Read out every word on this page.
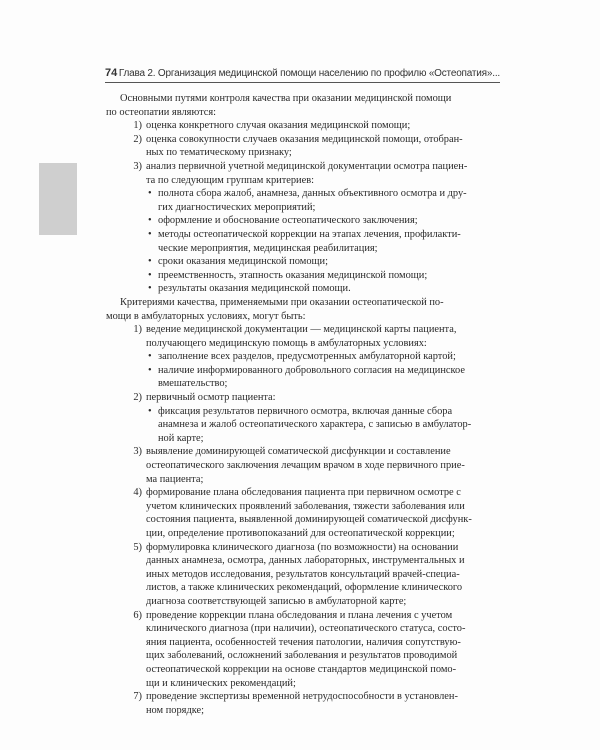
74 Глава 2. Организация медицинской помощи населению по профилю «Остеопатия»...

Основными путями контроля качества при оказании медицинской помощи
по остеопатии являются:

1) оценка конкретного случая оказания медицинской помощи;
2) оценка совокупности случаев оказания медицинской помощи, отобран-
ных по тематическому признаку;
3) анализ первичной учетной медицинской документации осмотра пациен-
та по следующим группам критериев:
• полнота сбора жалоб, анамнеза, данных объективного осмотра и дру-
гих диагностических мероприятий;
• оформление и обоснование остеопатического заключения;
• методы остеопатической коррекции на этапах лечения, профилакти-
ческие мероприятия, медицинская реабилитация;
• сроки оказания медицинской помощи;
• преемственность, этапность оказания медицинской помощи;
• результаты оказания медицинской помощи.

Критериями качества, применяемыми при оказании остеопатической по-
мощи в амбулаторных условиях, могут быть:

1) ведение медицинской документации — медицинской карты пациента,
получающего медицинскую помощь в амбулаторных условиях:
• заполнение всех разделов, предусмотренных амбулаторной картой;
• наличие информированного добровольного согласия на медицинское
вмешательство;
2) первичный осмотр пациента:
• фиксация результатов первичного осмотра, включая данные сбора
анамнеза и жалоб остеопатического характера, с записью в амбулатор-
ной карте;
3) выявление доминирующей соматической дисфункции и составление
остеопатического заключения лечащим врачом в ходе первичного прие-
ма пациента;
4) формирование плана обследования пациента при первичном осмотре с
учетом клинических проявлений заболевания, тяжести заболевания или
состояния пациента, выявленной доминирующей соматической дисфунк-
ции, определение противопоказаний для остеопатической коррекции;
5) формулировка клинического диагноза (по возможности) на основании
данных анамнеза, осмотра, данных лабораторных, инструментальных и
иных методов исследования, результатов консультаций врачей-специа-
листов, а также клинических рекомендаций, оформление клинического
диагноза соответствующей записью в амбулаторной карте;
6) проведение коррекции плана обследования и плана лечения с учетом
клинического диагноза (при наличии), остеопатического статуса, состо-
яния пациента, особенностей течения патологии, наличия сопутствую-
щих заболеваний, осложнений заболевания и результатов проводимой
остеопатической коррекции на основе стандартов медицинской помо-
щи и клинических рекомендаций;
7) проведение экспертизы временной нетрудоспособности в установлен-
ном порядке;
